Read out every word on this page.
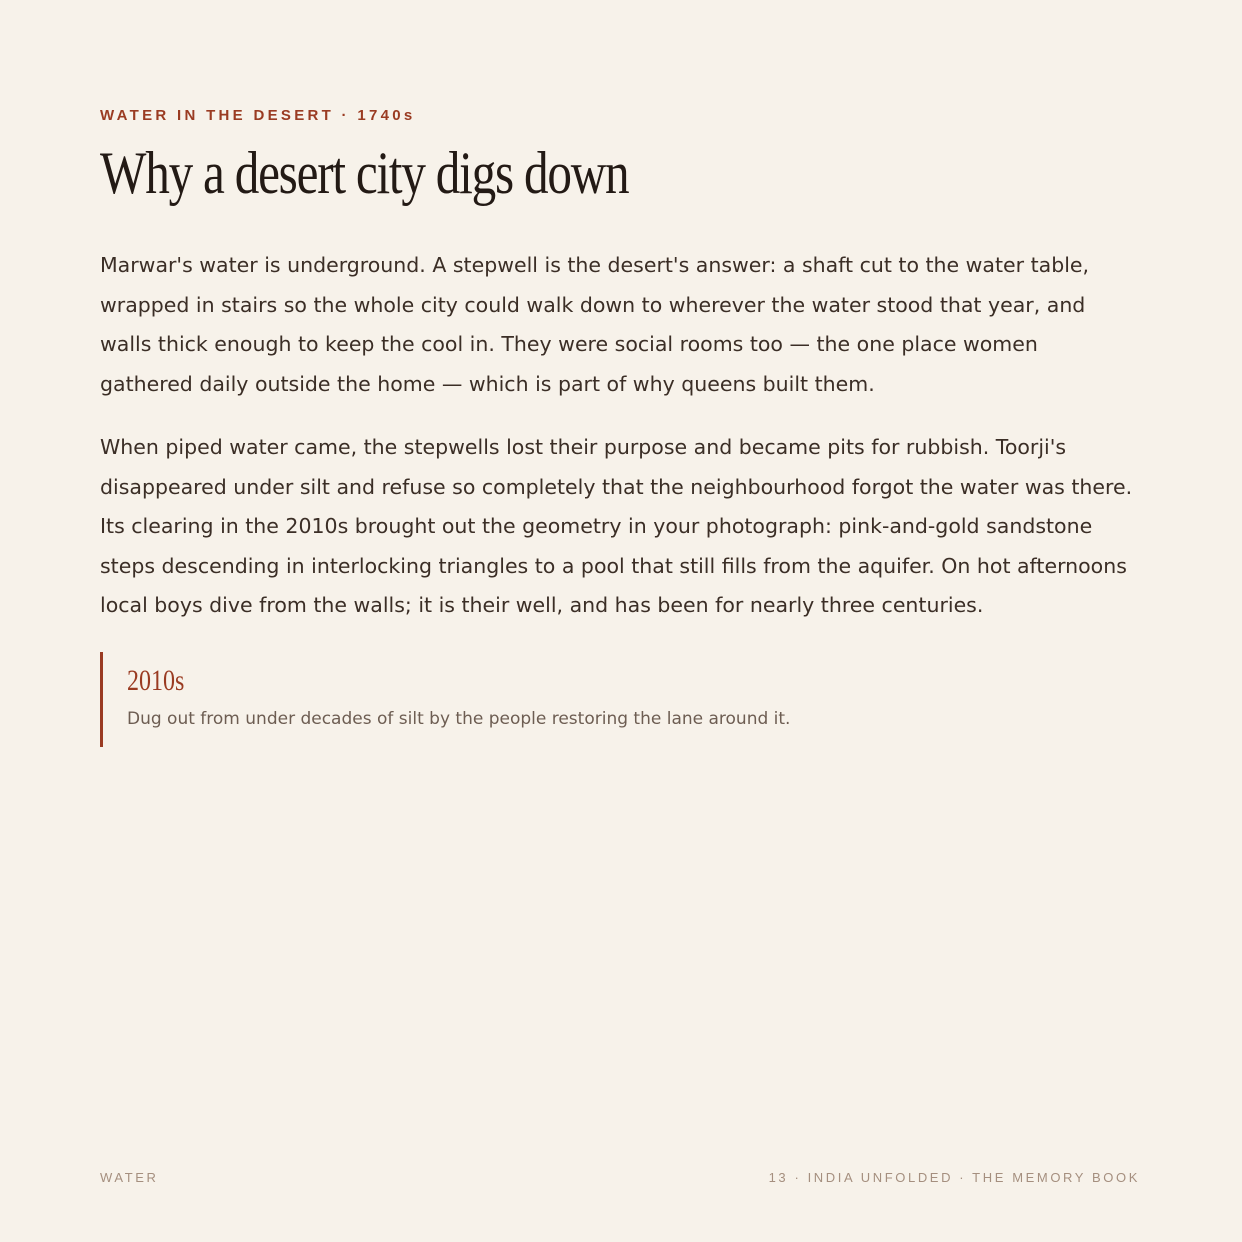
WATER IN THE DESERT · 1740s
Why a desert city digs down

Marwar's water is underground. A stepwell is the desert's answer: a shaft cut to the water table, wrapped in stairs so the whole city could walk down to wherever the water stood that year, and walls thick enough to keep the cool in. They were social rooms too — the one place women gathered daily outside the home — which is part of why queens built them.

When piped water came, the stepwells lost their purpose and became pits for rubbish. Toorji's disappeared under silt and refuse so completely that the neighbourhood forgot the water was there. Its clearing in the 2010s brought out the geometry in your photograph: pink-and-gold sandstone steps descending in interlocking triangles to a pool that still fills from the aquifer. On hot afternoons local boys dive from the walls; it is their well, and has been for nearly three centuries.

2010s
Dug out from under decades of silt by the people restoring the lane around it.
WATER	13 · INDIA UNFOLDED · THE MEMORY BOOK
